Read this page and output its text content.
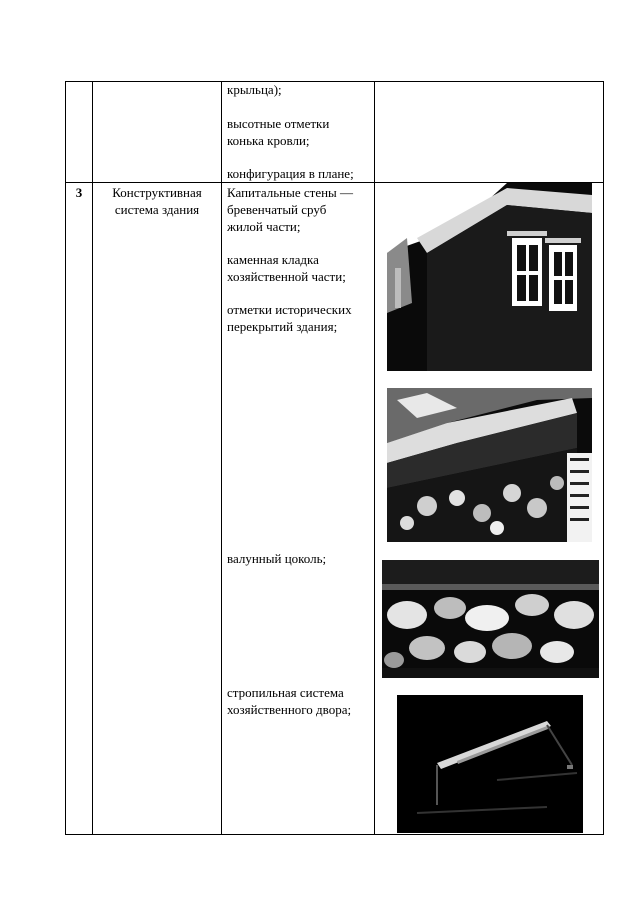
крыльца);
высотные отметки
конька кровли;
конфигурация в плане;
3	Конструктивная
система здания
Капитальные стены —
бревенчатый сруб
жилой части;
каменная кладка
хозяйственной части;
отметки исторических
перекрытий здания;
валунный цоколь;
стропильная система
хозяйственного двора;
